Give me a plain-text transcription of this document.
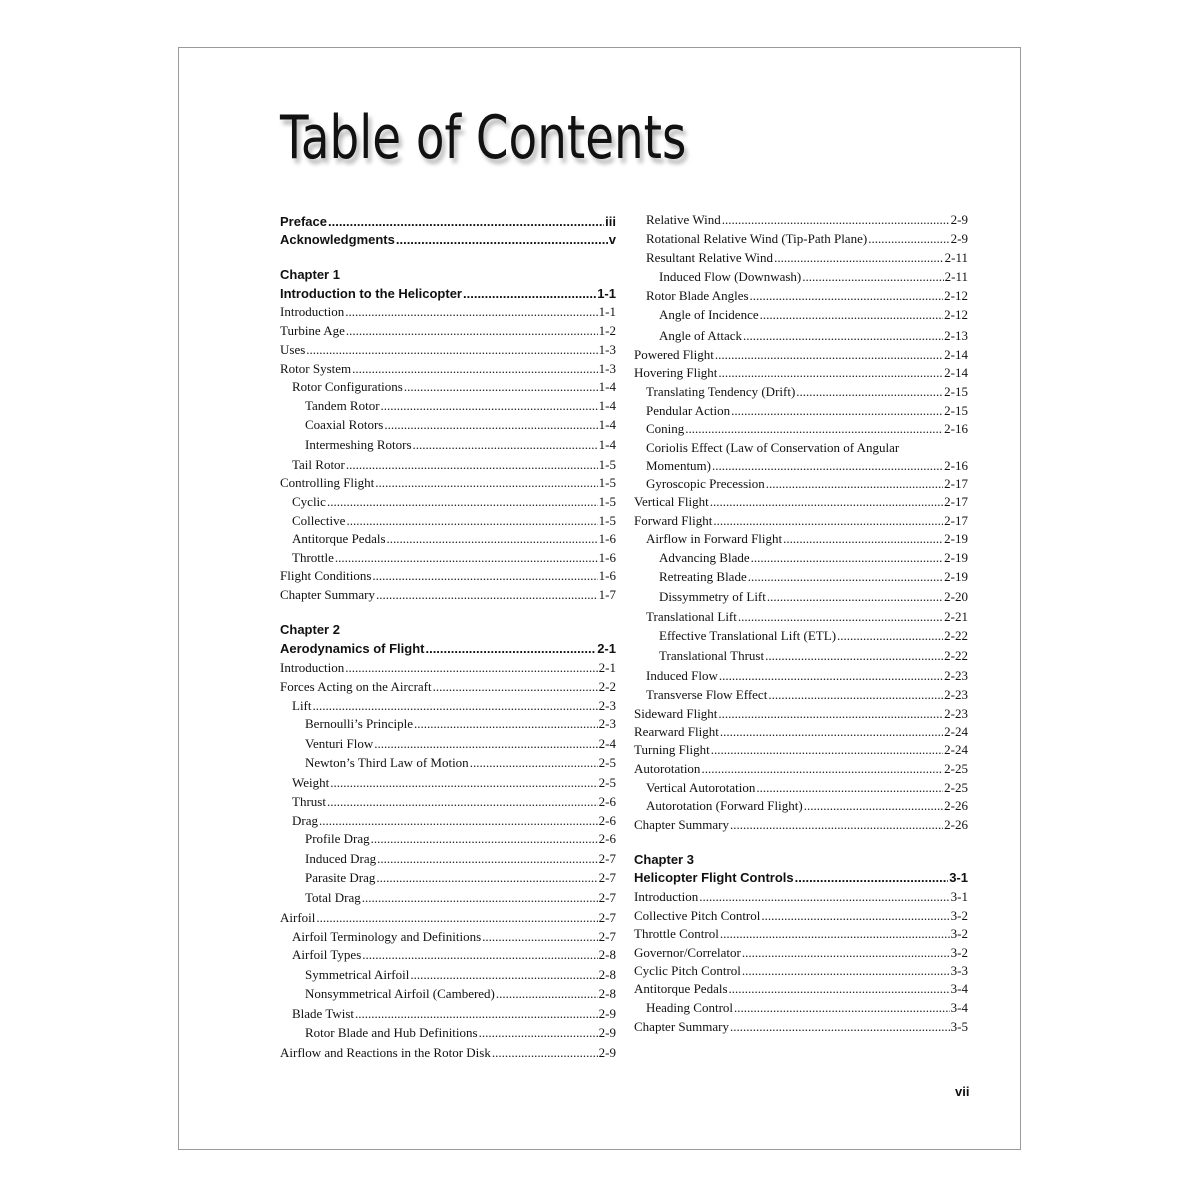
Table of Contents
Preface .....	iii
Acknowledgments .....	v
Chapter 1
Introduction to the Helicopter .....	1-1
Introduction .....	1-1
Turbine Age .....	1-2
Uses .....	1-3
Rotor System .....	1-3
Rotor Configurations .....	1-4
Tandem Rotor .....	1-4
Coaxial Rotors .....	1-4
Intermeshing Rotors .....	1-4
Tail Rotor .....	1-5
Controlling Flight .....	1-5
Cyclic .....	1-5
Collective .....	1-5
Antitorque Pedals .....	1-6
Throttle .....	1-6
Flight Conditions .....	1-6
Chapter Summary .....	1-7
Chapter 2
Aerodynamics of Flight .....	2-1
Introduction .....	2-1
Forces Acting on the Aircraft .....	2-2
Lift .....	2-3
Bernoulli’s Principle .....	2-3
Venturi Flow .....	2-4
Newton’s Third Law of Motion .....	2-5
Weight .....	2-5
Thrust .....	2-6
Drag .....	2-6
Profile Drag .....	2-6
Induced Drag .....	2-7
Parasite Drag .....	2-7
Total Drag .....	2-7
Airfoil .....	2-7
Airfoil Terminology and Definitions .....	2-7
Airfoil Types .....	2-8
Symmetrical Airfoil .....	2-8
Nonsymmetrical Airfoil (Cambered) .....	2-8
Blade Twist .....	2-9
Rotor Blade and Hub Definitions .....	2-9
Airflow and Reactions in the Rotor Disk .....	2-9
Relative Wind .....	2-9
Rotational Relative Wind (Tip-Path Plane) .....	2-9
Resultant Relative Wind .....	2-11
Induced Flow (Downwash) .....	2-11
Rotor Blade Angles .....	2-12
Angle of Incidence .....	2-12
Angle of Attack .....	2-13
Powered Flight .....	2-14
Hovering Flight .....	2-14
Translating Tendency (Drift) .....	2-15
Pendular Action .....	2-15
Coning .....	2-16
Coriolis Effect (Law of Conservation of Angular
Momentum) .....	2-16
Gyroscopic Precession .....	2-17
Vertical Flight .....	2-17
Forward Flight .....	2-17
Airflow in Forward Flight .....	2-19
Advancing Blade .....	2-19
Retreating Blade .....	2-19
Dissymmetry of Lift .....	2-20
Translational Lift .....	2-21
Effective Translational Lift (ETL) .....	2-22
Translational Thrust .....	2-22
Induced Flow .....	2-23
Transverse Flow Effect .....	2-23
Sideward Flight .....	2-23
Rearward Flight .....	2-24
Turning Flight .....	2-24
Autorotation .....	2-25
Vertical Autorotation .....	2-25
Autorotation (Forward Flight) .....	2-26
Chapter Summary .....	2-26
Chapter 3
Helicopter Flight Controls .....	3-1
Introduction .....	3-1
Collective Pitch Control .....	3-2
Throttle Control .....	3-2
Governor/Correlator .....	3-2
Cyclic Pitch Control .....	3-3
Antitorque Pedals .....	3-4
Heading Control .....	3-4
Chapter Summary .....	3-5
vii
